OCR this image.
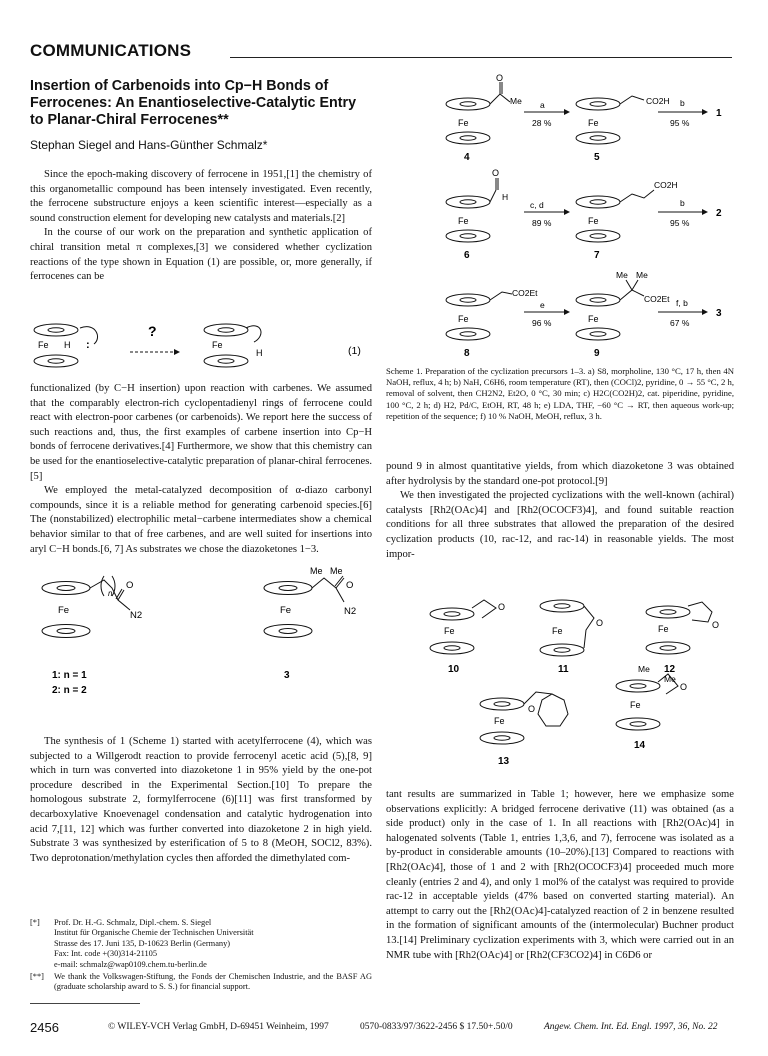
COMMUNICATIONS
Insertion of Carbenoids into Cp−H Bonds of Ferrocenes: An Enantioselective-Catalytic Entry to Planar-Chiral Ferrocenes**
Stephan Siegel and Hans-Günther Schmalz*

Since the epoch-making discovery of ferrocene in 1951,[1] the chemistry of this organometallic compound has been intensely investigated. Even recently, the ferrocene substructure enjoys a keen scientific interest—especially as a sound construction element for developing new catalysts and materials.[2]

In the course of our work on the preparation and synthetic application of chiral transition metal π complexes,[3] we considered whether cyclization reactions of the type shown in Equation (1) are possible, or, more generally, if ferrocenes can be

Fe H :
?
Fe
H	(1)

functionalized (by C−H insertion) upon reaction with carbenes. We assumed that the comparably electron-rich cyclopentadienyl rings of ferrocene could react with electron-poor carbenes (or carbenoids). We report here the success of such reactions and, thus, the first examples of carbene insertion into Cp−H bonds of ferrocene derivatives.[4] Furthermore, we show that this chemistry can be used for the enantioselective-catalytic preparation of planar-chiral ferrocenes.[5]

We employed the metal-catalyzed decomposition of α-diazo carbonyl compounds, since it is a reliable method for generating carbenoid species.[6] The (nonstabilized) electrophilic metal−carbene intermediates show a chemical behavior similar to that of free carbenes, and are well suited for insertions into aryl C−H bonds.[6, 7] As substrates we chose the diazoketones 1−3.

O
n
N2
Fe
Me Me
O
N2
Fe
1: n = 1
2: n = 2
3

The synthesis of 1 (Scheme 1) started with acetylferrocene (4), which was subjected to a Willgerodt reaction to provide ferrocenyl acetic acid (5),[8, 9] which in turn was converted into diazoketone 1 in 95% yield by the one-pot procedure described in the Experimental Section.[10] To prepare the homologous substrate 2, formylferrocene (6)[11] was first transformed by decarboxylative Knoevenagel condensation and catalytic hydrogenation into acid 7,[11, 12] which was further converted into diazoketone 2 in high yield. Substrate 3 was synthesized by esterification of 5 to 8 (MeOH, SOCl2, 83%). Two deprotonation/methylation cycles then afforded the dimethylated com-

[*] Prof. Dr. H.-G. Schmalz, Dipl.-chem. S. Siegel
Institut für Organische Chemie der Technischen Universität
Strasse des 17. Juni 135, D-10623 Berlin (Germany)
Fax: Int. code +(30)314-21105
e-mail: schmalz@wap0109.chem.tu-berlin.de
[**] We thank the Volkswagen-Stiftung, the Fonds der Chemischen Industrie, and the BASF AG (graduate scholarship award to S. S.) for financial support.
O
Me
Fe
a
28 %
CO2H
Fe
b
95 %
1
4	5
O
H
Fe
c, d
89 %
CO2H
Fe
b
95 %
2
6	7
CO2Et
Fe
e
96 %
Me Me
CO2Et
Fe
f, b
67 %
3
8	9
Scheme 1. Preparation of the cyclization precursors 1–3. a) S8, morpholine, 130 °C, 17 h, then 4N NaOH, reflux, 4 h; b) NaH, C6H6, room temperature (RT), then (COCl)2, pyridine, 0 → 55 °C, 2 h, removal of solvent, then CH2N2, Et2O, 0 °C, 30 min; c) H2C(CO2H)2, cat. piperidine, pyridine, 100 °C, 2 h; d) H2, Pd/C, EtOH, RT, 48 h; e) LDA, THF, −60 °C → RT, then aqueous work-up; repetition of the sequence; f) 10 % NaOH, MeOH, reflux, 3 h.

pound 9 in almost quantitative yields, from which diazoketone 3 was obtained after hydrolysis by the standard one-pot protocol.[9]

We then investigated the projected cyclizations with the well-known (achiral) catalysts [Rh2(OAc)4] and [Rh2(OCOCF3)4], and found suitable reaction conditions for all three substrates that allowed the preparation of the desired cyclization products (10, rac-12, and rac-14) in reasonable yields. The most impor-

O
Fe
O
Fe
O
Fe
O
Fe
Me
Me
O
Fe
10	11	12
13
14

tant results are summarized in Table 1; however, here we emphasize some observations explicitly: A bridged ferrocene derivative (11) was obtained (as a side product) only in the case of 1. In all reactions with [Rh2(OAc)4] in halogenated solvents (Table 1, entries 1,3,6, and 7), ferrocene was isolated as a by-product in considerable amounts (10–20%).[13] Compared to reactions with [Rh2(OAc)4], those of 1 and 2 with [Rh2(OCOCF3)4] proceeded much more cleanly (entries 2 and 4), and only 1 mol% of the catalyst was required to provide rac-12 in acceptable yields (47% based on converted starting material). An attempt to carry out the [Rh2(OAc)4]-catalyzed reaction of 2 in benzene resulted in the formation of significant amounts of the (intermolecular) Buchner product 13.[14] Preliminary cyclization experiments with 3, which were carried out in an NMR tube with [Rh2(OAc)4] or [Rh2(CF3CO2)4] in C6D6 or

2456	© WILEY-VCH Verlag GmbH, D-69451 Weinheim, 1997	0570-0833/97/3622-2456 $ 17.50+.50/0	Angew. Chem. Int. Ed. Engl. 1997, 36, No. 22
